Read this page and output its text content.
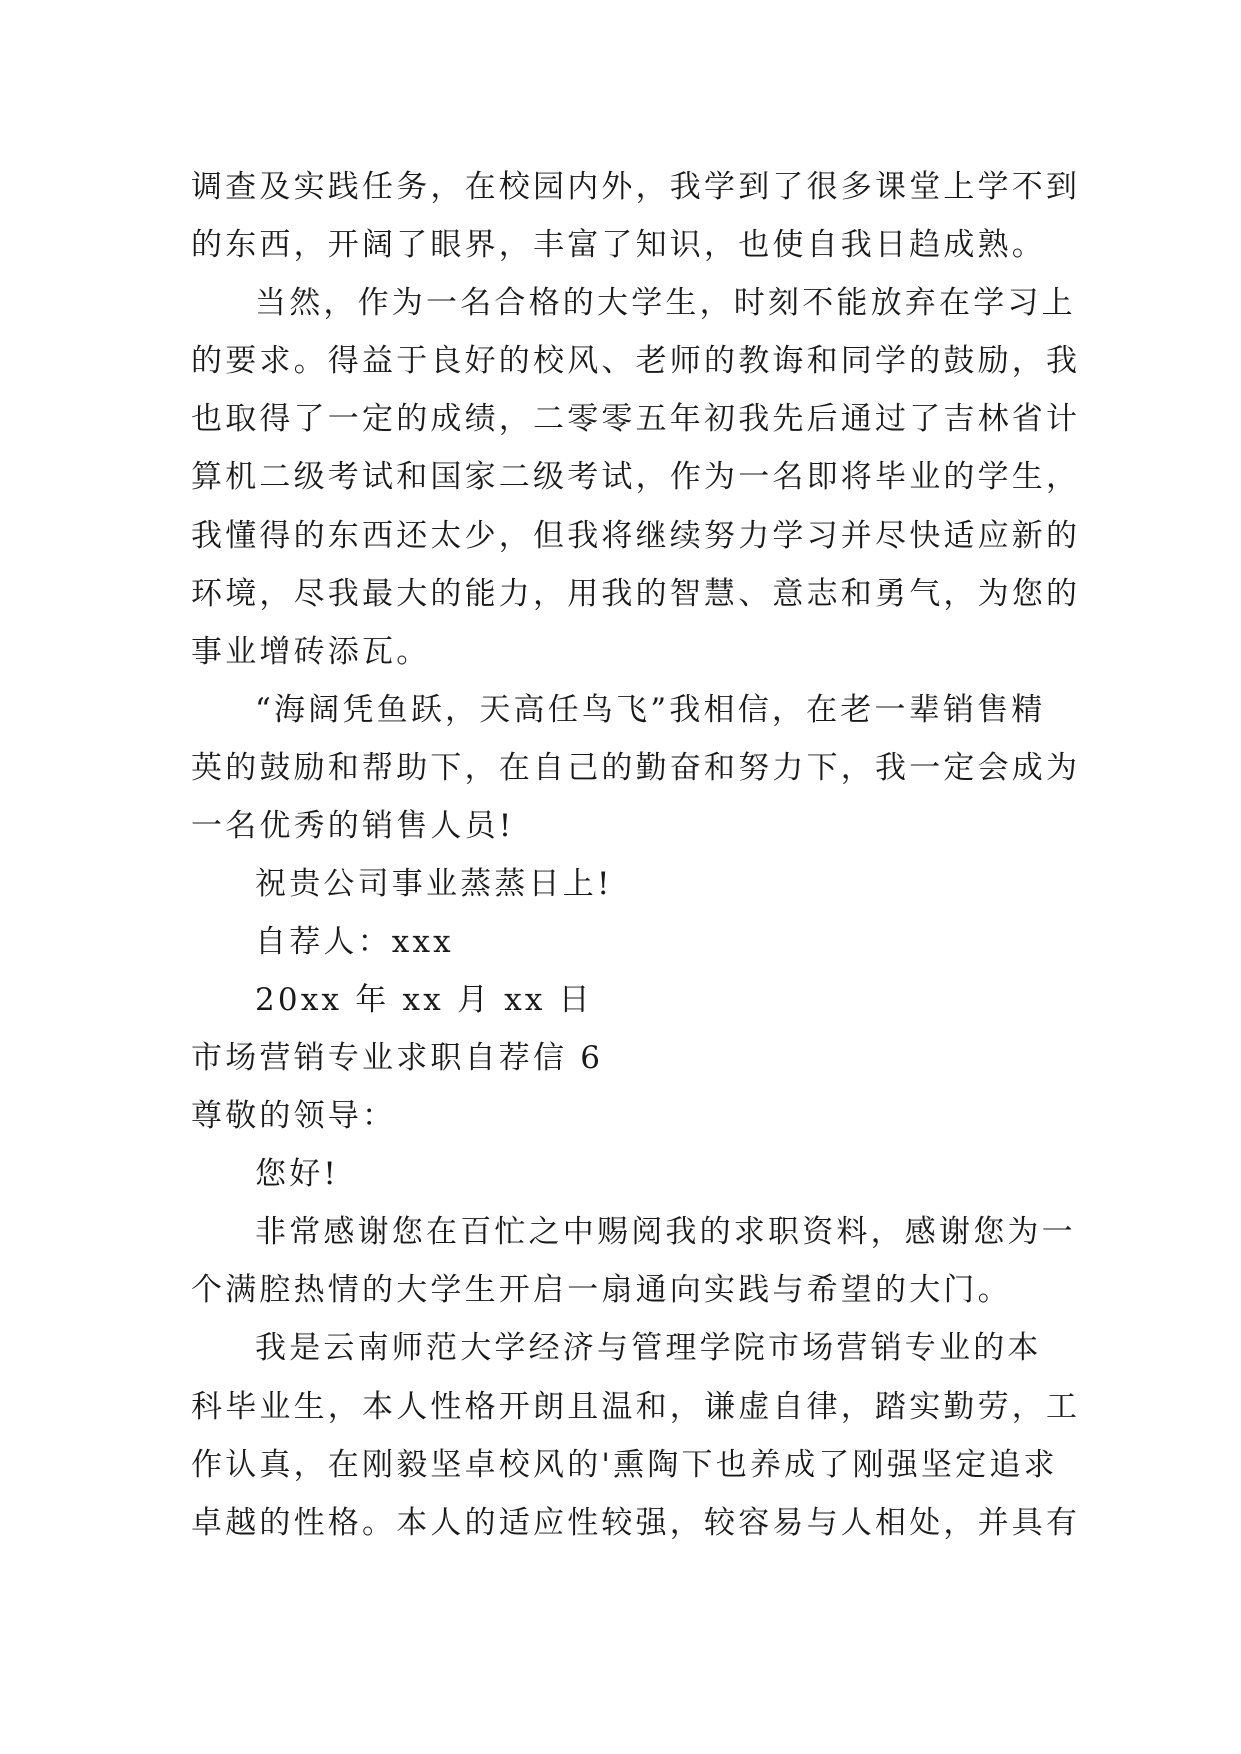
调查及实践任务，在校园内外，我学到了很多课堂上学不到
的东西，开阔了眼界，丰富了知识，也使自我日趋成熟。
当然，作为一名合格的大学生，时刻不能放弃在学习上
的要求。得益于良好的校风、老师的教诲和同学的鼓励，我
也取得了一定的成绩，二零零五年初我先后通过了吉林省计
算机二级考试和国家二级考试，作为一名即将毕业的学生，
我懂得的东西还太少，但我将继续努力学习并尽快适应新的
环境，尽我最大的能力，用我的智慧、意志和勇气，为您的
事业增砖添瓦。
“海阔凭鱼跃，天高任鸟飞”我相信，在老一辈销售精
英的鼓励和帮助下，在自己的勤奋和努力下，我一定会成为
一名优秀的销售人员!
祝贵公司事业蒸蒸日上!
自荐人：xxx
20xx 年 xx 月 xx 日
市场营销专业求职自荐信 6
尊敬的领导：
您好!
非常感谢您在百忙之中赐阅我的求职资料，感谢您为一
个满腔热情的大学生开启一扇通向实践与希望的大门。
我是云南师范大学经济与管理学院市场营销专业的本
科毕业生，本人性格开朗且温和，谦虚自律，踏实勤劳，工
作认真，在刚毅坚卓校风的'熏陶下也养成了刚强坚定追求
卓越的性格。本人的适应性较强，较容易与人相处，并具有
